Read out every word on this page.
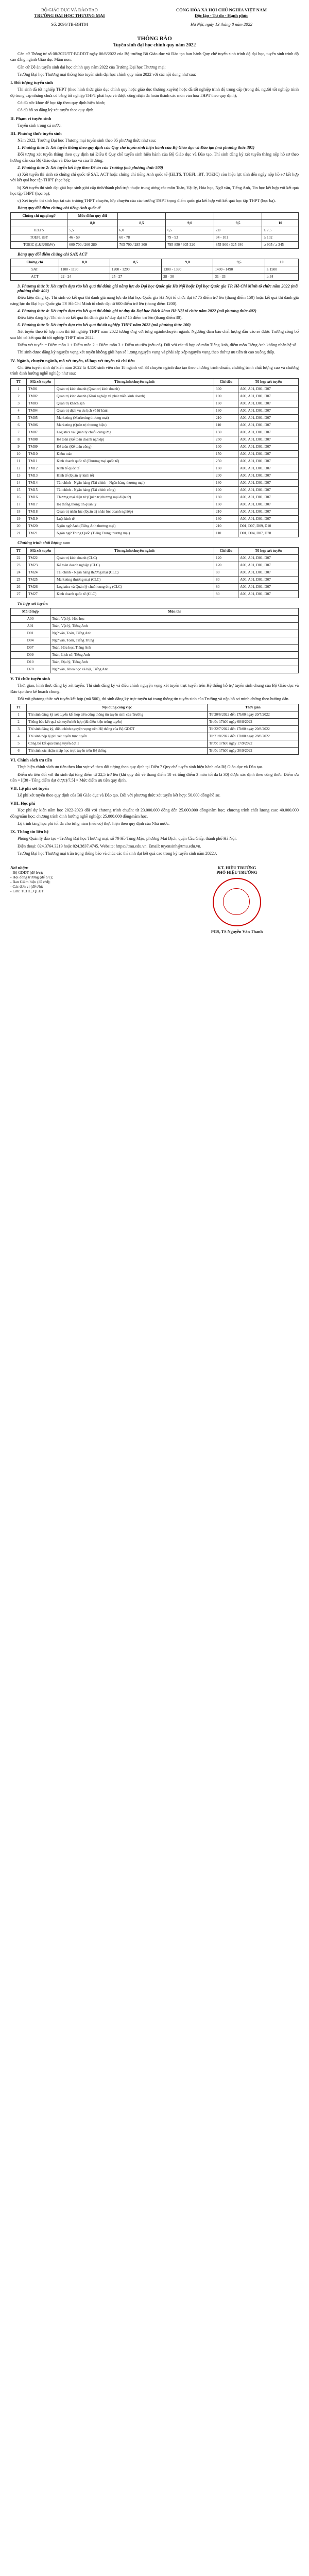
BỘ GIÁO DỤC VÀ ĐÀO TẠO
TRƯỜNG ĐẠI HỌC THƯƠNG MẠI
Số: 2096/TB-ĐHTM
CỘNG HÒA XÃ HỘI CHỦ NGHĨA VIỆT NAM
Độc lập - Tự do - Hạnh phúc
Hà Nội, ngày 13 tháng 8 năm 2022
THÔNG BÁO
Tuyển sinh đại học chính quy năm 2022

Căn cứ Thông tư số 08/2022/TT-BGDĐT ngày 06/6/2022 của Bộ trưởng Bộ Giáo dục và Đào tạo ban hành Quy chế tuyển sinh trình độ đại học, tuyển sinh trình độ cao đẳng ngành Giáo dục Mầm non;

Căn cứ Đề án tuyển sinh đại học chính quy năm 2022 của Trường Đại học Thương mại;

Trường Đại học Thương mại thông báo tuyển sinh đại học chính quy năm 2022 với các nội dung như sau:

I. Đối tượng tuyển sinh

Thí sinh đã tốt nghiệp THPT (theo hình thức giáo dục chính quy hoặc giáo dục thường xuyên) hoặc đã tốt nghiệp trình độ trung cấp (trong đó, người tốt nghiệp trình độ trung cấp nhưng chưa có bằng tốt nghiệp THPT phải học và được công nhận đã hoàn thành các môn văn hóa THPT theo quy định);

Có đủ sức khỏe để học tập theo quy định hiện hành;

Có đủ hồ sơ đăng ký xét tuyển theo quy định.

II. Phạm vi tuyển sinh

Tuyển sinh trong cả nước.

III. Phương thức tuyển sinh

Năm 2022, Trường Đại học Thương mại tuyển sinh theo 05 phương thức như sau:

1. Phương thức 1: Xét tuyển thẳng theo quy định của Quy chế tuyển sinh hiện hành của Bộ Giáo dục và Đào tạo (mã phương thức 301)

Đối tượng xét tuyển thẳng theo quy định tại Điều 8 Quy chế tuyển sinh hiện hành của Bộ Giáo dục và Đào tạo. Thí sinh đăng ký xét tuyển thẳng nộp hồ sơ theo hướng dẫn của Bộ Giáo dục và Đào tạo và của Trường.

2. Phương thức 2: Xét tuyển kết hợp theo Đề án của Trường (mã phương thức 500)

a) Xét tuyển thí sinh có chứng chỉ quốc tế SAT, ACT hoặc chứng chỉ tiếng Anh quốc tế (IELTS, TOEFL iBT, TOEIC) còn hiệu lực tính đến ngày nộp hồ sơ kết hợp với kết quả học tập THPT (học bạ);

b) Xét tuyển thí sinh đạt giải học sinh giỏi cấp tỉnh/thành phố trực thuộc trung ương các môn Toán, Vật lý, Hóa học, Ngữ văn, Tiếng Anh, Tin học kết hợp với kết quả học tập THPT (học bạ);

c) Xét tuyển thí sinh học tại các trường THPT chuyên, lớp chuyên của các trường THPT trọng điểm quốc gia kết hợp với kết quả học tập THPT (học bạ).

Bảng quy đổi điểm chứng chỉ tiếng Anh quốc tế
Chứng chỉ ngoại ngữ	Mức điểm quy đổi				
	8,0	8,5	9,0	9,5	10
IELTS	5,5	6,0	6,5	7,0	≥ 7,5
TOEFL iBT	46 - 59	60 - 78	79 - 93	94 - 101	≥ 102
TOEIC (L&R/S&W)	600-700 / 260-280	705-790 / 285-300	795-850 / 305-320	855-900 / 325-340	≥ 905 / ≥ 345
Bảng quy đổi điểm chứng chỉ SAT, ACT
Chứng chỉ	8,0	8,5	9,0	9,5	10
SAT	1100 - 1190	1200 - 1290	1300 - 1390	1400 - 1490	≥ 1500
ACT	22 - 24	25 - 27	28 - 30	31 - 33	≥ 34
3. Phương thức 3: Xét tuyển dựa vào kết quả thi đánh giá năng lực do Đại học Quốc gia Hà Nội hoặc Đại học Quốc gia TP. Hồ Chí Minh tổ chức năm 2022 (mã phương thức 402)

Điều kiện đăng ký: Thí sinh có kết quả thi đánh giá năng lực do Đại học Quốc gia Hà Nội tổ chức đạt từ 75 điểm trở lên (thang điểm 150) hoặc kết quả thi đánh giá năng lực do Đại học Quốc gia TP. Hồ Chí Minh tổ chức đạt từ 600 điểm trở lên (thang điểm 1200).

4. Phương thức 4: Xét tuyển dựa vào kết quả thi đánh giá tư duy do Đại học Bách khoa Hà Nội tổ chức năm 2022 (mã phương thức 402)

Điều kiện đăng ký: Thí sinh có kết quả thi đánh giá tư duy đạt từ 15 điểm trở lên (thang điểm 30).

5. Phương thức 5: Xét tuyển dựa vào kết quả thi tốt nghiệp THPT năm 2022 (mã phương thức 100)

Xét tuyển theo tổ hợp môn thi tốt nghiệp THPT năm 2022 tương ứng với từng ngành/chuyên ngành. Ngưỡng đảm bảo chất lượng đầu vào sẽ được Trường công bố sau khi có kết quả thi tốt nghiệp THPT năm 2022.

Điểm xét tuyển = Điểm môn 1 + Điểm môn 2 + Điểm môn 3 + Điểm ưu tiên (nếu có). Đối với các tổ hợp có môn Tiếng Anh, điểm môn Tiếng Anh không nhân hệ số.

Thí sinh được đăng ký nguyện vọng xét tuyển không giới hạn số lượng nguyện vọng và phải sắp xếp nguyện vọng theo thứ tự ưu tiên từ cao xuống thấp.

IV. Ngành, chuyên ngành, mã xét tuyển, tổ hợp xét tuyển và chỉ tiêu

Chỉ tiêu tuyển sinh dự kiến năm 2022 là 4.150 sinh viên cho 18 ngành với 33 chuyên ngành đào tạo theo chương trình chuẩn, chương trình chất lượng cao và chương trình định hướng nghề nghiệp như sau:

TT	Mã xét tuyển	Tên ngành/chuyên ngành	Chỉ tiêu	Tổ hợp xét tuyển
1	TM01	Quản trị kinh doanh (Quản trị kinh doanh)	300	A00, A01, D01, D07
2	TM02	Quản trị kinh doanh (Khởi nghiệp và phát triển kinh doanh)	100	A00, A01, D01, D07
3	TM03	Quản trị khách sạn	160	A00, A01, D01, D07
4	TM04	Quản trị dịch vụ du lịch và lữ hành	160	A00, A01, D01, D07
5	TM05	Marketing (Marketing thương mại)	210	A00, A01, D01, D07
6	TM06	Marketing (Quản trị thương hiệu)	110	A00, A01, D01, D07
7	TM07	Logistics và Quản lý chuỗi cung ứng	150	A00, A01, D01, D07
8	TM08	Kế toán (Kế toán doanh nghiệp)	250	A00, A01, D01, D07
9	TM09	Kế toán (Kế toán công)	100	A00, A01, D01, D07
10	TM10	Kiểm toán	150	A00, A01, D01, D07
11	TM11	Kinh doanh quốc tế (Thương mại quốc tế)	250	A00, A01, D01, D07
12	TM12	Kinh tế quốc tế	160	A00, A01, D01, D07
13	TM13	Kinh tế (Quản lý kinh tế)	200	A00, A01, D01, D07
14	TM14	Tài chính - Ngân hàng (Tài chính - Ngân hàng thương mại)	160	A00, A01, D01, D07
15	TM15	Tài chính - Ngân hàng (Tài chính công)	100	A00, A01, D01, D07
16	TM16	Thương mại điện tử (Quản trị thương mại điện tử)	160	A00, A01, D01, D07
17	TM17	Hệ thống thông tin quản lý	160	A00, A01, D01, D07
18	TM18	Quản trị nhân lực (Quản trị nhân lực doanh nghiệp)	210	A00, A01, D01, D07
19	TM19	Luật kinh tế	160	A00, A01, D01, D07
20	TM20	Ngôn ngữ Anh (Tiếng Anh thương mại)	210	D01, D07, D09, D10
21	TM21	Ngôn ngữ Trung Quốc (Tiếng Trung thương mại)	110	D01, D04, D07, D78
Chương trình chất lượng cao:
TT	Mã xét tuyển	Tên ngành/chuyên ngành	Chỉ tiêu	Tổ hợp xét tuyển
22	TM22	Quản trị kinh doanh (CLC)	120	A00, A01, D01, D07
23	TM23	Kế toán doanh nghiệp (CLC)	120	A00, A01, D01, D07
24	TM24	Tài chính - Ngân hàng thương mại (CLC)	80	A00, A01, D01, D07
25	TM25	Marketing thương mại (CLC)	80	A00, A01, D01, D07
26	TM26	Logistics và Quản lý chuỗi cung ứng (CLC)	80	A00, A01, D01, D07
27	TM27	Kinh doanh quốc tế (CLC)	80	A00, A01, D01, D07
Tổ hợp xét tuyển:
Mã tổ hợp	Môn thi
A00	Toán, Vật lý, Hóa học
A01	Toán, Vật lý, Tiếng Anh
D01	Ngữ văn, Toán, Tiếng Anh
D04	Ngữ văn, Toán, Tiếng Trung
D07	Toán, Hóa học, Tiếng Anh
D09	Toán, Lịch sử, Tiếng Anh
D10	Toán, Địa lý, Tiếng Anh
D78	Ngữ văn, Khoa học xã hội, Tiếng Anh
V. Tổ chức tuyển sinh

Thời gian, hình thức đăng ký xét tuyển: Thí sinh đăng ký và điều chỉnh nguyện vọng xét tuyển trực tuyến trên Hệ thống hỗ trợ tuyển sinh chung của Bộ Giáo dục và Đào tạo theo kế hoạch chung.

Đối với phương thức xét tuyển kết hợp (mã 500), thí sinh đăng ký trực tuyến tại trang thông tin tuyển sinh của Trường và nộp hồ sơ minh chứng theo hướng dẫn.

TT	Nội dung công việc	Thời gian
1	Thí sinh đăng ký xét tuyển kết hợp trên cổng thông tin tuyển sinh của Trường	Từ 20/6/2022 đến 17h00 ngày 20/7/2022
2	Thông báo kết quả xét tuyển kết hợp (đủ điều kiện trúng tuyển)	Trước 17h00 ngày 08/8/2022
3	Thí sinh đăng ký, điều chỉnh nguyện vọng trên Hệ thống của Bộ GDĐT	Từ 22/7/2022 đến 17h00 ngày 20/8/2022
4	Thí sinh nộp lệ phí xét tuyển trực tuyến	Từ 21/8/2022 đến 17h00 ngày 28/8/2022
5	Công bố kết quả trúng tuyển đợt 1	Trước 17h00 ngày 17/9/2022
6	Thí sinh xác nhận nhập học trực tuyến trên Hệ thống	Trước 17h00 ngày 30/9/2022
VI. Chính sách ưu tiên

Thực hiện chính sách ưu tiên theo khu vực và theo đối tượng theo quy định tại Điều 7 Quy chế tuyển sinh hiện hành của Bộ Giáo dục và Đào tạo.

Điểm ưu tiên đối với thí sinh đạt tổng điểm từ 22,5 trở lên (khi quy đổi về thang điểm 10 và tổng điểm 3 môn tối đa là 30) được xác định theo công thức: Điểm ưu tiên = [(30 - Tổng điểm đạt được)/7,5] × Mức điểm ưu tiên quy định.

VII. Lệ phí xét tuyển

Lệ phí xét tuyển theo quy định của Bộ Giáo dục và Đào tạo. Đối với phương thức xét tuyển kết hợp: 50.000 đồng/hồ sơ.

VIII. Học phí

Học phí dự kiến năm học 2022-2023 đối với chương trình chuẩn: từ 23.000.000 đồng đến 25.000.000 đồng/năm học; chương trình chất lượng cao: 40.000.000 đồng/năm học; chương trình định hướng nghề nghiệp: 25.000.000 đồng/năm học.

Lộ trình tăng học phí tối đa cho từng năm (nếu có) thực hiện theo quy định của Nhà nước.

IX. Thông tin liên hệ

Phòng Quản lý đào tạo - Trường Đại học Thương mại, số 79 Hồ Tùng Mậu, phường Mai Dịch, quận Cầu Giấy, thành phố Hà Nội.

Điện thoại: 024.3764.3219 hoặc 024.3837.4745. Website: https://tmu.edu.vn. Email: tuyensinh@tmu.edu.vn.

Trường Đại học Thương mại trân trọng thông báo và chúc các thí sinh đạt kết quả cao trong kỳ tuyển sinh năm 2022./.

Nơi nhận:
- Bộ GDĐT (để b/c);
- Hội đồng trường (để b/c);
- Ban Giám hiệu (để c/đ);
- Các đơn vị (để t/h);
- Lưu: TCHC, QLĐT.
KT. HIỆU TRƯỞNG
PHÓ HIỆU TRƯỞNG
PGS, TS Nguyễn Văn Thanh
